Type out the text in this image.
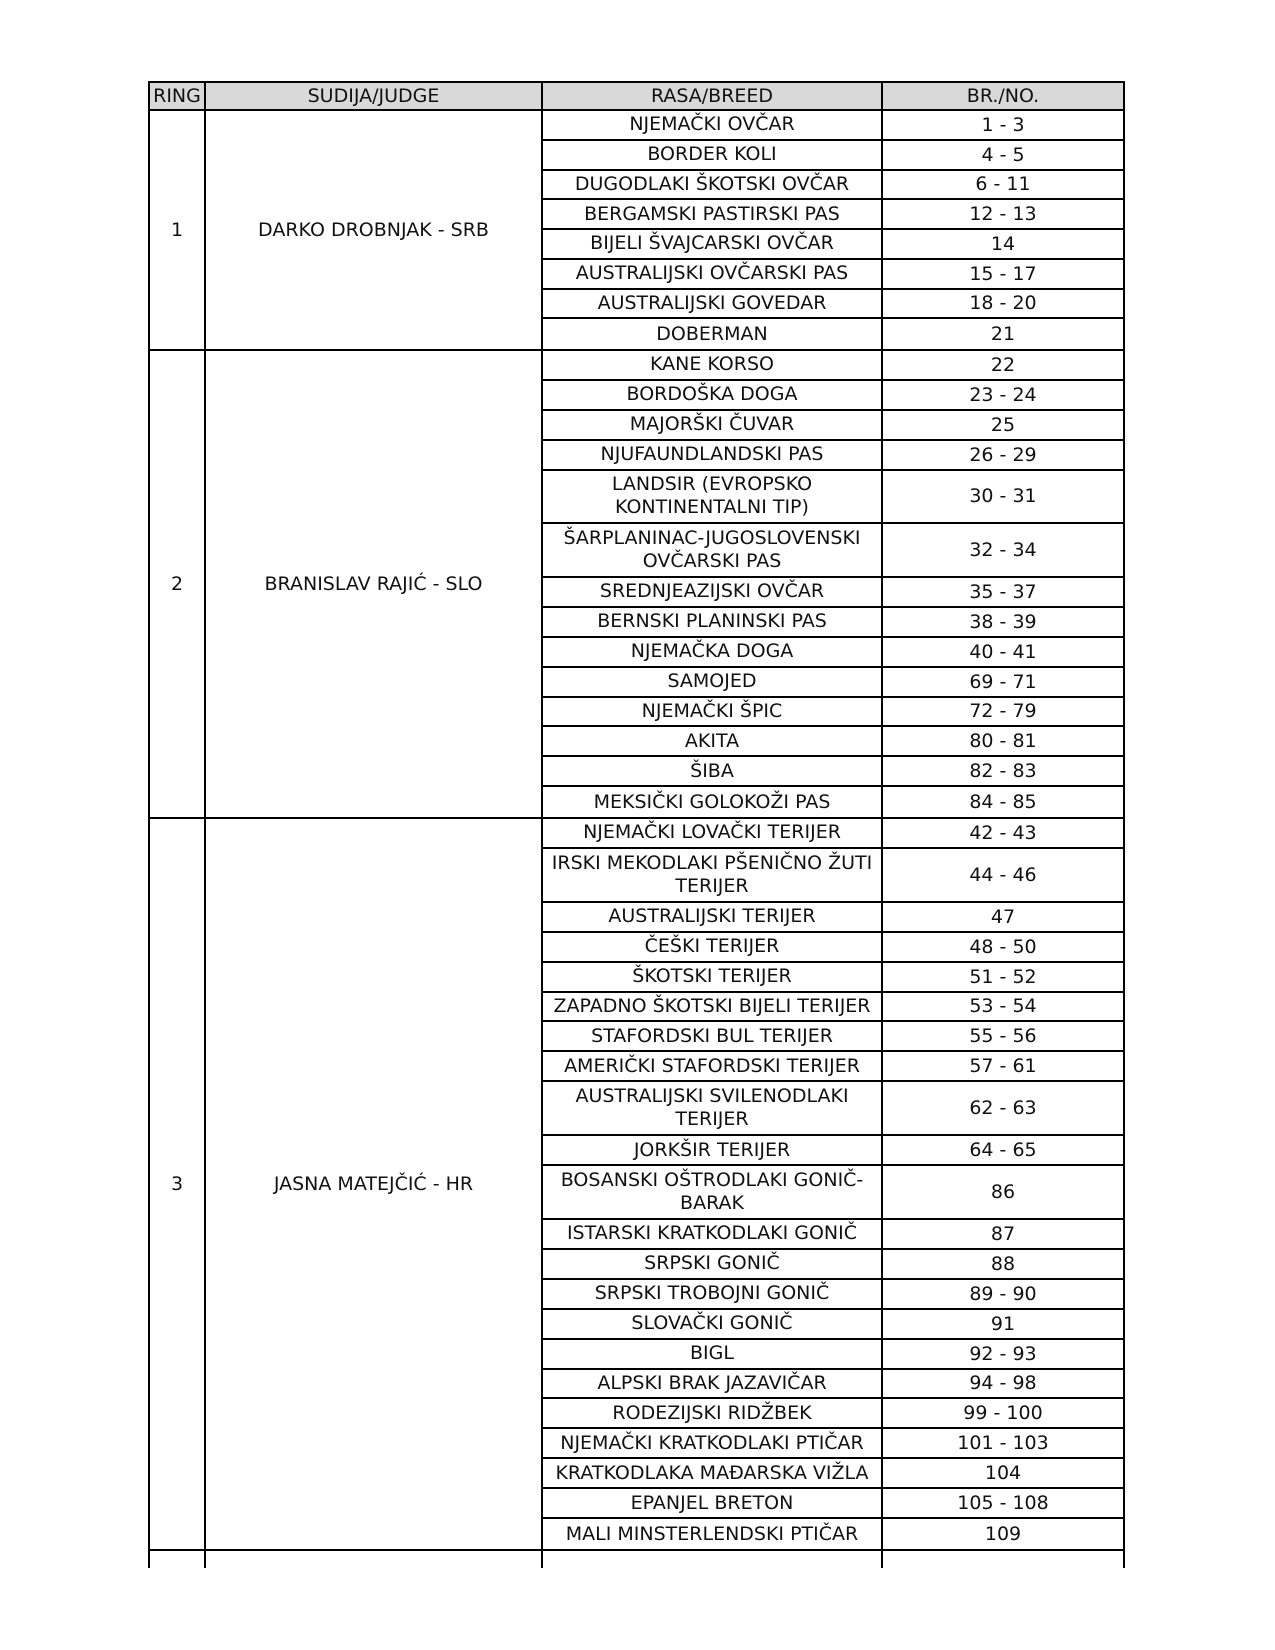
RING	SUDIJA/JUDGE	RASA/BREED	BR./NO.
1	DARKO DROBNJAK - SRB
NJEMAČKI OVČAR	1 - 3
BORDER KOLI	4 - 5
DUGODLAKI ŠKOTSKI OVČAR	6 - 11
BERGAMSKI PASTIRSKI PAS	12 - 13
BIJELI ŠVAJCARSKI OVČAR	14
AUSTRALIJSKI OVČARSKI PAS	15 - 17
AUSTRALIJSKI GOVEDAR	18 - 20
DOBERMAN	21
2	BRANISLAV RAJIĆ - SLO
KANE KORSO	22
BORDOŠKA DOGA	23 - 24
MAJORŠKI ČUVAR	25
NJUFAUNDLANDSKI PAS	26 - 29
LANDSIR (EVROPSKO KONTINENTALNI TIP)	30 - 31
ŠARPLANINAC-JUGOSLOVENSKI OVČARSKI PAS	32 - 34
SREDNJEAZIJSKI OVČAR	35 - 37
BERNSKI PLANINSKI PAS	38 - 39
NJEMAČKA DOGA	40 - 41
SAMOJED	69 - 71
NJEMAČKI ŠPIC	72 - 79
AKITA	80 - 81
ŠIBA	82 - 83
MEKSIČKI GOLOKOŽI PAS	84 - 85
3	JASNA MATEJČIĆ - HR
NJEMAČKI LOVAČKI TERIJER	42 - 43
IRSKI MEKODLAKI PŠENIČNO ŽUTI TERIJER	44 - 46
AUSTRALIJSKI TERIJER	47
ČEŠKI TERIJER	48 - 50
ŠKOTSKI TERIJER	51 - 52
ZAPADNO ŠKOTSKI BIJELI TERIJER	53 - 54
STAFORDSKI BUL TERIJER	55 - 56
AMERIČKI STAFORDSKI TERIJER	57 - 61
AUSTRALIJSKI SVILENODLAKI TERIJER	62 - 63
JORKŠIR TERIJER	64 - 65
BOSANSKI OŠTRODLAKI GONIČ-BARAK	86
ISTARSKI KRATKODLAKI GONIČ	87
SRPSKI GONIČ	88
SRPSKI TROBOJNI GONIČ	89 - 90
SLOVAČKI GONIČ	91
BIGL	92 - 93
ALPSKI BRAK JAZAVIČAR	94 - 98
RODEZIJSKI RIDŽBEK	99 - 100
NJEMAČKI KRATKODLAKI PTIČAR	101 - 103
KRATKODLAKA MAĐARSKA VIŽLA	104
EPANJEL BRETON	105 - 108
MALI MINSTERLENDSKI PTIČAR	109
